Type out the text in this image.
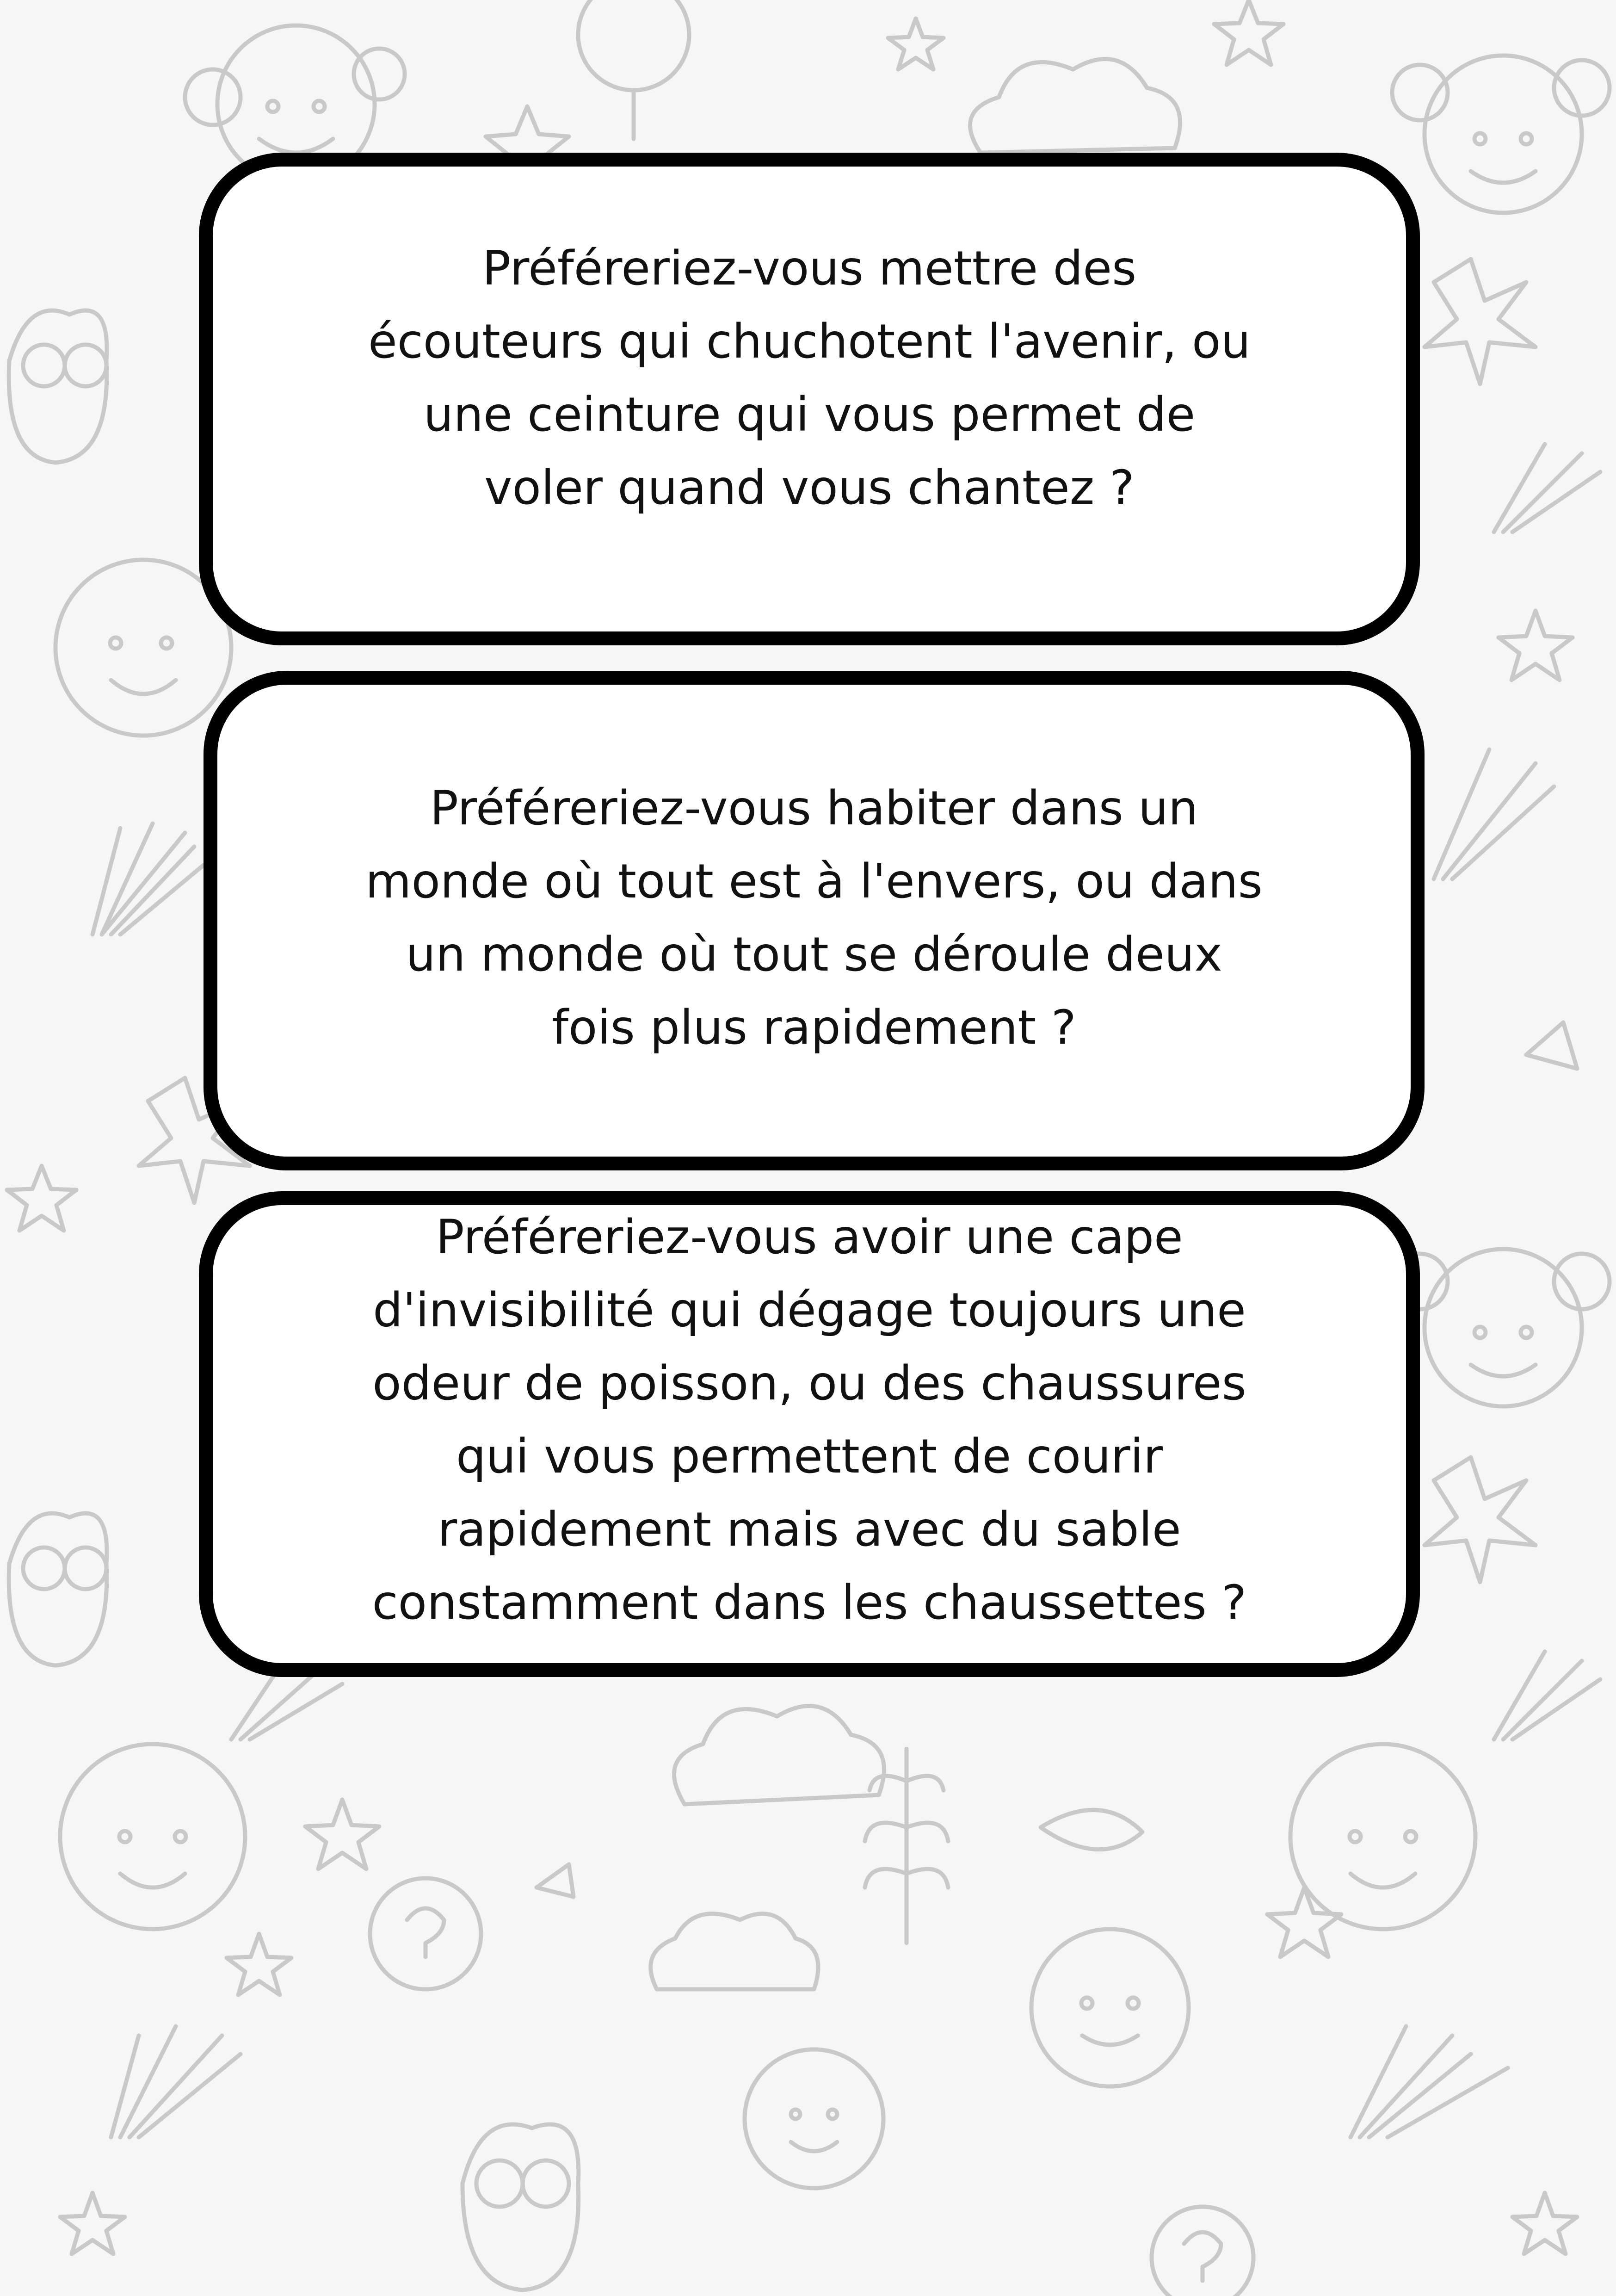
Préféreriez-vous mettre des
écouteurs qui chuchotent l'avenir, ou
une ceinture qui vous permet de
voler quand vous chantez ?

Préféreriez-vous habiter dans un
monde où tout est à l'envers, ou dans
un monde où tout se déroule deux
fois plus rapidement ?

Préféreriez-vous avoir une cape
d'invisibilité qui dégage toujours une
odeur de poisson, ou des chaussures
qui vous permettent de courir
rapidement mais avec du sable
constamment dans les chaussettes ?
